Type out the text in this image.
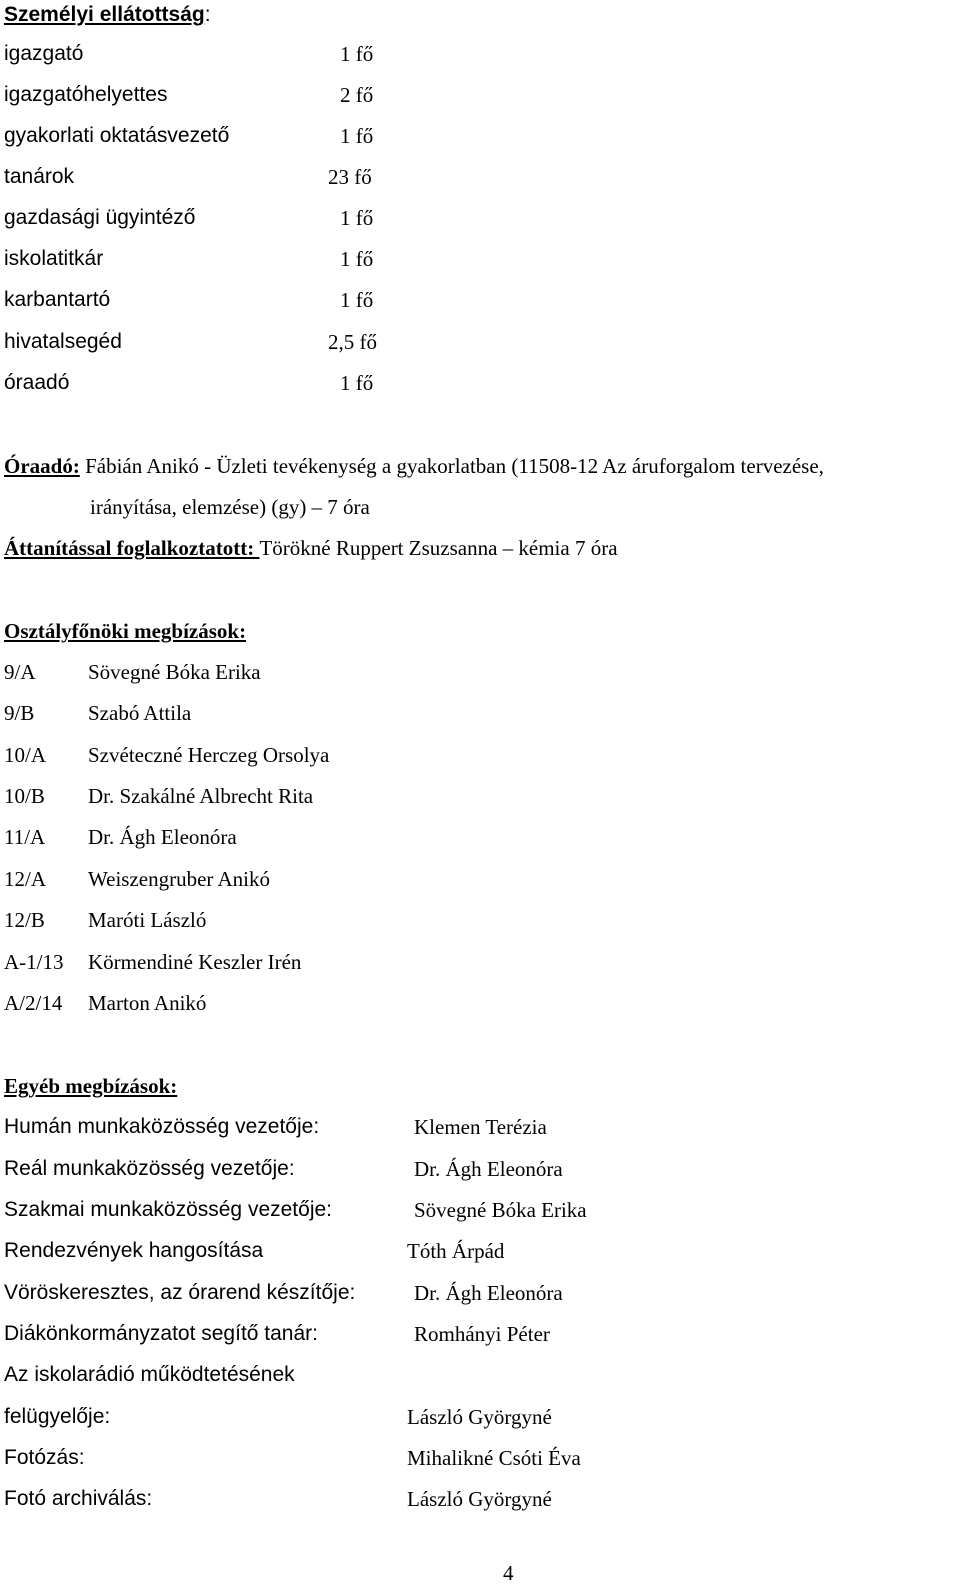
Személyi ellátottság:
igazgató	1 fő
igazgatóhelyettes	2 fő
gyakorlati oktatásvezető	1 fő
tanárok	23 fő
gazdasági ügyintéző	1 fő
iskolatitkár	1 fő
karbantartó	1 fő
hivatalsegéd	2,5 fő
óraadó	1 fő
Óraadó: Fábián Anikó - Üzleti tevékenység a gyakorlatban (11508-12 Az áruforgalom tervezése,
irányítása, elemzése) (gy) – 7 óra
Áttanítással foglalkoztatott: Törökné Ruppert Zsuzsanna – kémia 7 óra
Osztályfőnöki megbízások:
9/A	Sövegné Bóka Erika
9/B	Szabó Attila
10/A Szvéteczné Herczeg Orsolya
10/B Dr. Szakálné Albrecht Rita
11/A Dr. Ágh Eleonóra
12/A Weiszengruber Anikó
12/B Maróti László
A-1/13 Körmendiné Keszler Irén
A/2/14 Marton Anikó
Egyéb megbízások:
Humán munkaközösség vezetője:	Klemen Terézia
Reál munkaközösség vezetője:	Dr. Ágh Eleonóra
Szakmai munkaközösség vezetője:	Sövegné Bóka Erika
Rendezvények hangosítása	Tóth Árpád
Vöröskeresztes, az órarend készítője:	Dr. Ágh Eleonóra
Diákönkormányzatot segítő tanár:	Romhányi Péter
Az iskolarádió működtetésének
felügyelője:	László Györgyné
Fotózás:	Mihalikné Csóti Éva
Fotó archiválás:	László Györgyné
4
